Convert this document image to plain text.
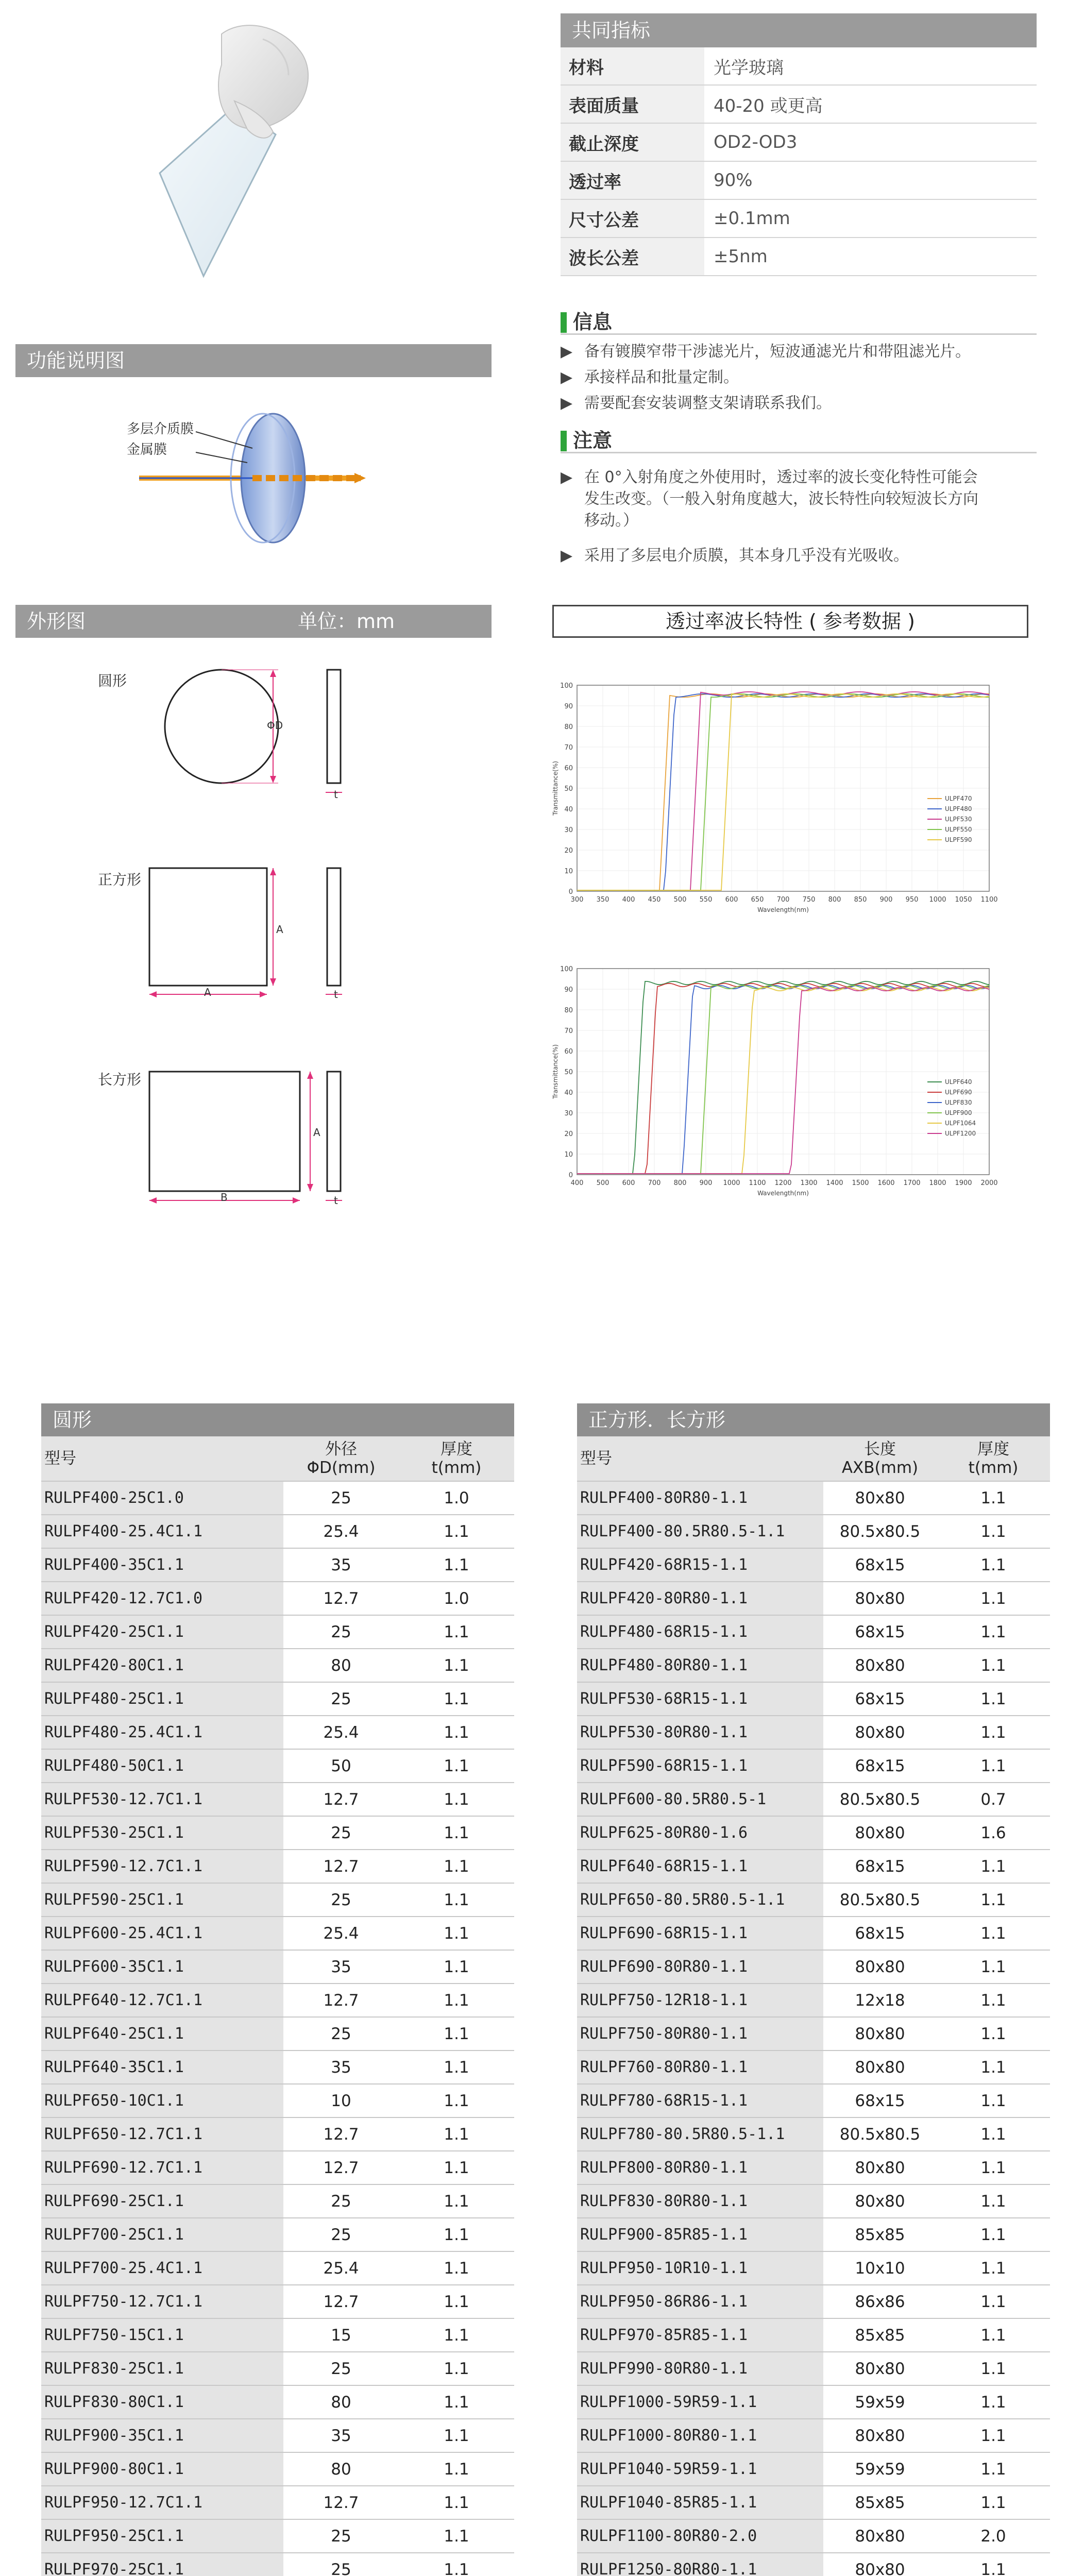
共同指标
材料	光学玻璃
表面质量	40-20 或更高
截止深度	OD2-OD3
透过率	90%
尺寸公差	±0.1mm
波长公差	±5nm
信息
▶ 备有镀膜窄带干涉滤光片，短波通滤光片和带阻滤光片。
▶ 承接样品和批量定制。
▶ 需要配套安装调整支架请联系我们。
注意
▶ 在 0°入射角度之外使用时，透过率的波长变化特性可能会
发生改变。（一般入射角度越大，波长特性向较短波长方向
移动。）
▶ 采用了多层电介质膜，其本身几乎没有光吸收。
功能说明图
多层介质膜
金属膜
外形图	单位：mm
圆形
正方形
长方形
ΦD
t
A
A	t
A
B	t
透过率波长特性 ( 参考数据 )
0
10
20
30
40
50
60
70
80
90
100
300 350 400 450 500 550 600 650 700 750 800 850 900 950 1000 1050 1100
Wavelength(nm)
Transmittance(%)	ULPF470
ULPF480
ULPF530
ULPF550
ULPF590
0
10
20
30
40
50
60
70
80
90
100
400 500 600 700 800 900 1000 1100 1200 1300 1400 1500 1600 1700 1800 1900 2000
Wavelength(nm)
Transmittance(%)	ULPF640
ULPF690
ULPF830
ULPF900
ULPF1064
ULPF1200
圆形
型号	外径
ΦD(mm)	厚度
t(mm)
RULPF400-25C1.0	25	1.0
RULPF400-25.4C1.1	25.4	1.1
RULPF400-35C1.1	35	1.1
RULPF420-12.7C1.0	12.7	1.0
RULPF420-25C1.1	25	1.1
RULPF420-80C1.1	80	1.1
RULPF480-25C1.1	25	1.1
RULPF480-25.4C1.1	25.4	1.1
RULPF480-50C1.1	50	1.1
RULPF530-12.7C1.1	12.7	1.1
RULPF530-25C1.1	25	1.1
RULPF590-12.7C1.1	12.7	1.1
RULPF590-25C1.1	25	1.1
RULPF600-25.4C1.1	25.4	1.1
RULPF600-35C1.1	35	1.1
RULPF640-12.7C1.1	12.7	1.1
RULPF640-25C1.1	25	1.1
RULPF640-35C1.1	35	1.1
RULPF650-10C1.1	10	1.1
RULPF650-12.7C1.1	12.7	1.1
RULPF690-12.7C1.1	12.7	1.1
RULPF690-25C1.1	25	1.1
RULPF700-25C1.1	25	1.1
RULPF700-25.4C1.1	25.4	1.1
RULPF750-12.7C1.1	12.7	1.1
RULPF750-15C1.1	15	1.1
RULPF830-25C1.1	25	1.1
RULPF830-80C1.1	80	1.1
RULPF900-35C1.1	35	1.1
RULPF900-80C1.1	80	1.1
RULPF950-12.7C1.1	12.7	1.1
RULPF950-25C1.1	25	1.1
RULPF970-25C1.1	25	1.1

正方形．长方形
型号	长度
AXB(mm)	厚度
t(mm)
RULPF400-80R80-1.1	80x80	1.1
RULPF400-80.5R80.5-1.1	80.5x80.5	1.1
RULPF420-68R15-1.1	68x15	1.1
RULPF420-80R80-1.1	80x80	1.1
RULPF480-68R15-1.1	68x15	1.1
RULPF480-80R80-1.1	80x80	1.1
RULPF530-68R15-1.1	68x15	1.1
RULPF530-80R80-1.1	80x80	1.1
RULPF590-68R15-1.1	68x15	1.1
RULPF600-80.5R80.5-1	80.5x80.5	0.7
RULPF625-80R80-1.6	80x80	1.6
RULPF640-68R15-1.1	68x15	1.1
RULPF650-80.5R80.5-1.1	80.5x80.5	1.1
RULPF690-68R15-1.1	68x15	1.1
RULPF690-80R80-1.1	80x80	1.1
RULPF750-12R18-1.1	12x18	1.1
RULPF750-80R80-1.1	80x80	1.1
RULPF760-80R80-1.1	80x80	1.1
RULPF780-68R15-1.1	68x15	1.1
RULPF780-80.5R80.5-1.1	80.5x80.5	1.1
RULPF800-80R80-1.1	80x80	1.1
RULPF830-80R80-1.1	80x80	1.1
RULPF900-85R85-1.1	85x85	1.1
RULPF950-10R10-1.1	10x10	1.1
RULPF950-86R86-1.1	86x86	1.1
RULPF970-85R85-1.1	85x85	1.1
RULPF990-80R80-1.1	80x80	1.1
RULPF1000-59R59-1.1	59x59	1.1
RULPF1000-80R80-1.1	80x80	1.1
RULPF1040-59R59-1.1	59x59	1.1
RULPF1040-85R85-1.1	85x85	1.1
RULPF1100-80R80-2.0	80x80	2.0
RULPF1250-80R80-1.1	80x80	1.1
